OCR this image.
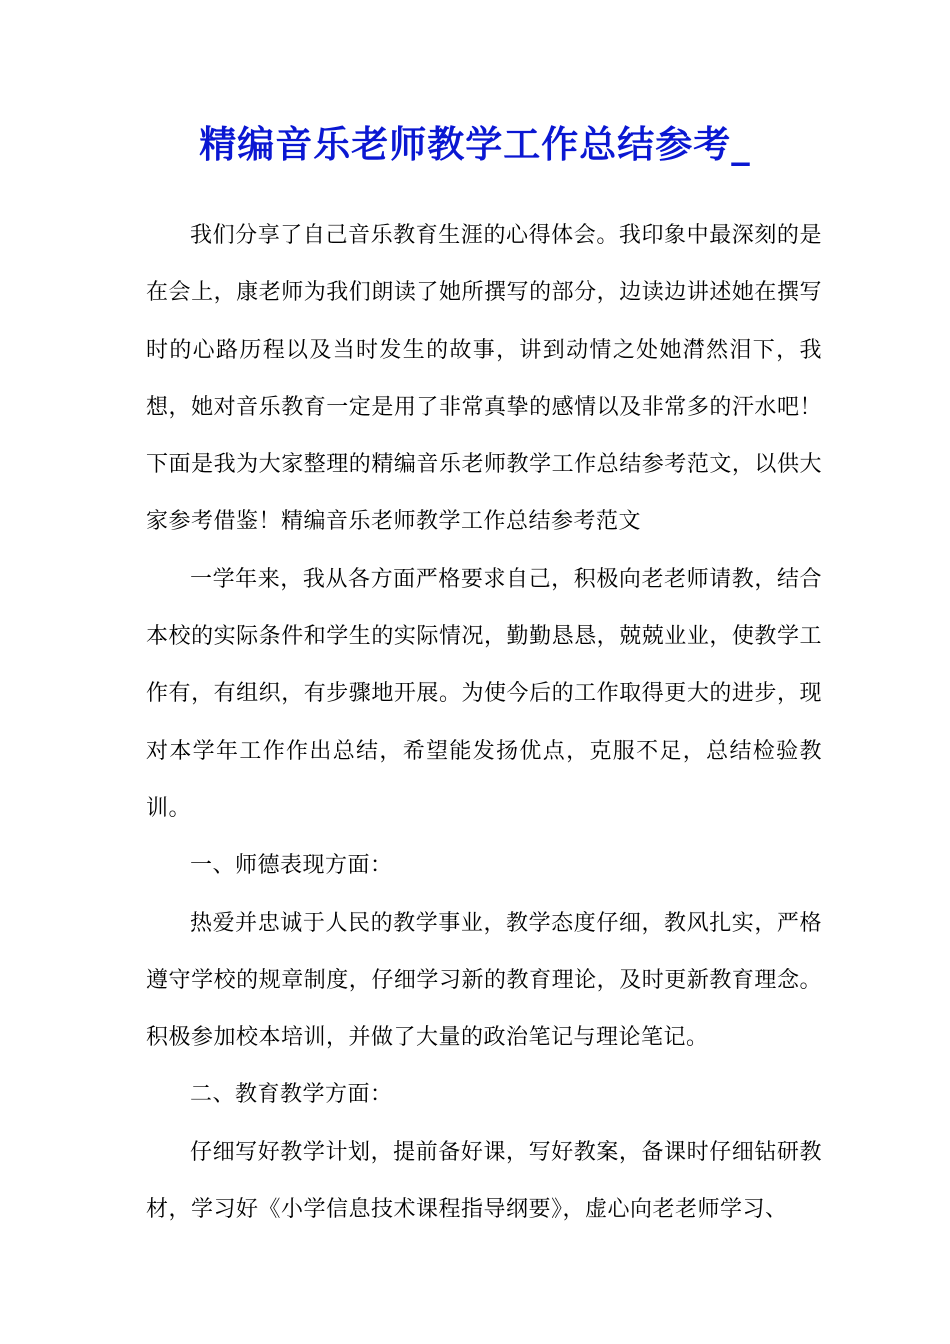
精编音乐老师教学工作总结参考_

我们分享了自己音乐教育生涯的心得体会。我印象中最深刻的是在会上，康老师为我们朗读了她所撰写的部分，边读边讲述她在撰写时的心路历程以及当时发生的故事，讲到动情之处她潸然泪下，我想，她对音乐教育一定是用了非常真挚的感情以及非常多的汗水吧！下面是我为大家整理的精编音乐老师教学工作总结参考范文，以供大家参考借鉴！精编音乐老师教学工作总结参考范文

一学年来，我从各方面严格要求自己，积极向老老师请教，结合本校的实际条件和学生的实际情况，勤勤恳恳，兢兢业业，使教学工作有，有组织，有步骤地开展。为使今后的工作取得更大的进步，现对本学年工作作出总结，希望能发扬优点，克服不足，总结检验教训。

一、师德表现方面：

热爱并忠诚于人民的教学事业，教学态度仔细，教风扎实，严格遵守学校的规章制度，仔细学习新的教育理论，及时更新教育理念。积极参加校本培训，并做了大量的政治笔记与理论笔记。

二、教育教学方面：

仔细写好教学计划，提前备好课，写好教案，备课时仔细钻研教材，学习好《小学信息技术课程指导纲要》，虚心向老老师学习、
